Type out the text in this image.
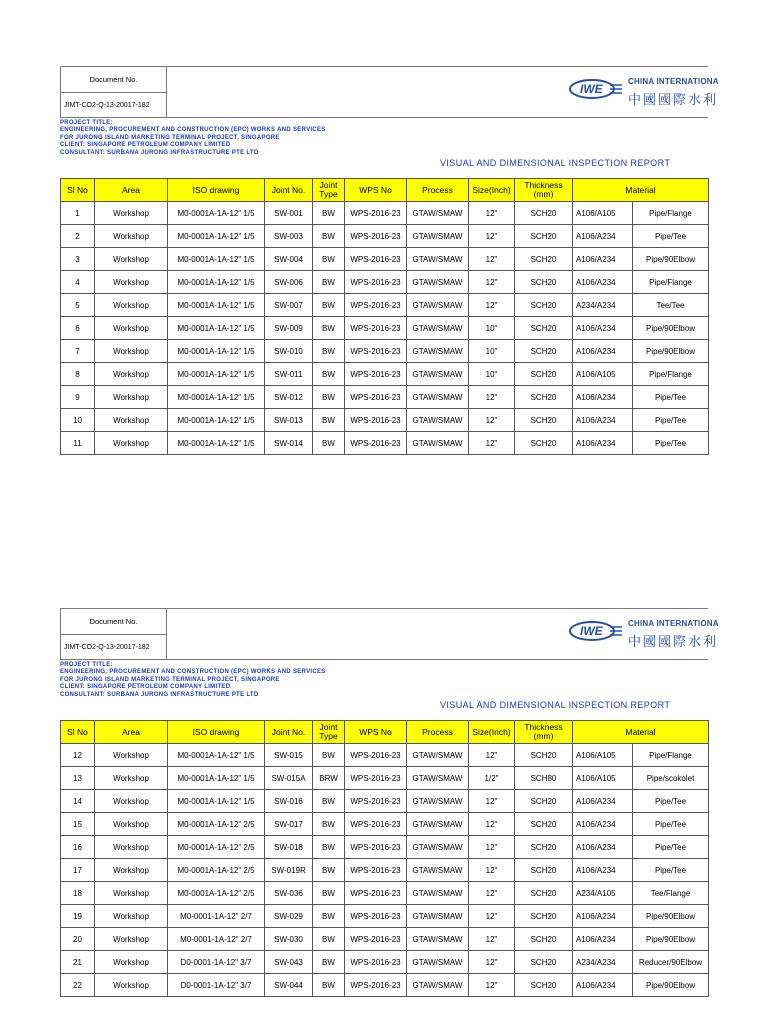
Document No.
JIMT-CO2-Q-13-20017-182
IWE
CHINA INTERNATIONA
中國國際水利
PROJECT TITLE:
ENGINEERING, PROCUREMENT AND CONSTRUCTION (EPC) WORKS AND SERVICES
FOR JURONG ISLAND MARKETING TERMINAL PROJECT, SINGAPORE
CLIENT: SINGAPORE PETROLEUM COMPANY LIMITED
CONSULTANT: SURBANA JURONG INFRASTRUCTURE PTE LTD
VISUAL AND DIMENSIONAL INSPECTION REPORT
Sl No	Area	ISO drawing	Joint No.	Joint Type	WPS No	Process	Size(Inch)	Thickness (mm)	Material	
1	Workshop	M0-0001A-1A-12" 1/5	SW-001	BW	WPS-2016-23	GTAW/SMAW	12"	SCH20	A106/A105	Pipe/Flange
2	Workshop	M0-0001A-1A-12" 1/5	SW-003	BW	WPS-2016-23	GTAW/SMAW	12"	SCH20	A106/A234	Pipe/Tee
3	Workshop	M0-0001A-1A-12" 1/5	SW-004	BW	WPS-2016-23	GTAW/SMAW	12"	SCH20	A106/A234	Pipe/90Elbow
4	Workshop	M0-0001A-1A-12" 1/5	SW-006	BW	WPS-2016-23	GTAW/SMAW	12"	SCH20	A106/A234	Pipe/Flange
5	Workshop	M0-0001A-1A-12" 1/5	SW-007	BW	WPS-2016-23	GTAW/SMAW	12"	SCH20	A234/A234	Tee/Tee
6	Workshop	M0-0001A-1A-12" 1/5	SW-009	BW	WPS-2016-23	GTAW/SMAW	10"	SCH20	A106/A234	Pipe/90Elbow
7	Workshop	M0-0001A-1A-12" 1/5	SW-010	BW	WPS-2016-23	GTAW/SMAW	10"	SCH20	A106/A234	Pipe/90Elbow
8	Workshop	M0-0001A-1A-12" 1/5	SW-011	BW	WPS-2016-23	GTAW/SMAW	10"	SCH20	A106/A105	Pipe/Flange
9	Workshop	M0-0001A-1A-12" 1/5	SW-012	BW	WPS-2016-23	GTAW/SMAW	12"	SCH20	A106/A234	Pipe/Tee
10	Workshop	M0-0001A-1A-12" 1/5	SW-013	BW	WPS-2016-23	GTAW/SMAW	12"	SCH20	A106/A234	Pipe/Tee
11	Workshop	M0-0001A-1A-12" 1/5	SW-014	BW	WPS-2016-23	GTAW/SMAW	12"	SCH20	A106/A234	Pipe/Tee
Document No.
JIMT-CO2-Q-13-20017-182
IWE
CHINA INTERNATIONA
中國國際水利
PROJECT TITLE:
ENGINEERING, PROCUREMENT AND CONSTRUCTION (EPC) WORKS AND SERVICES
FOR JURONG ISLAND MARKETING TERMINAL PROJECT, SINGAPORE
CLIENT: SINGAPORE PETROLEUM COMPANY LIMITED
CONSULTANT: SURBANA JURONG INFRASTRUCTURE PTE LTD
VISUAL AND DIMENSIONAL INSPECTION REPORT
Sl No	Area	ISO drawing	Joint No.	Joint Type	WPS No	Process	Size(Inch)	Thickness (mm)	Material	
12	Workshop	M0-0001A-1A-12" 1/5	SW-015	BW	WPS-2016-23	GTAW/SMAW	12"	SCH20	A106/A105	Pipe/Flange
13	Workshop	M0-0001A-1A-12" 1/5	SW-015A	BRW	WPS-2016-23	GTAW/SMAW	1/2"	SCH80	A106/A105	Pipe/scokolet
14	Workshop	M0-0001A-1A-12" 1/5	SW-016	BW	WPS-2016-23	GTAW/SMAW	12"	SCH20	A106/A234	Pipe/Tee
15	Workshop	M0-0001A-1A-12" 2/5	SW-017	BW	WPS-2016-23	GTAW/SMAW	12"	SCH20	A106/A234	Pipe/Tee
16	Workshop	M0-0001A-1A-12" 2/5	SW-018	BW	WPS-2016-23	GTAW/SMAW	12"	SCH20	A106/A234	Pipe/Tee
17	Workshop	M0-0001A-1A-12" 2/5	SW-019R	BW	WPS-2016-23	GTAW/SMAW	12"	SCH20	A106/A234	Pipe/Tee
18	Workshop	M0-0001A-1A-12" 2/5	SW-036	BW	WPS-2016-23	GTAW/SMAW	12"	SCH20	A234/A105	Tee/Flange
19	Workshop	M0-0001-1A-12" 2/7	SW-029	BW	WPS-2016-23	GTAW/SMAW	12"	SCH20	A106/A234	Pipe/90Elbow
20	Workshop	M0-0001-1A-12" 2/7	SW-030	BW	WPS-2016-23	GTAW/SMAW	12"	SCH20	A106/A234	Pipe/90Elbow
21	Workshop	D0-0001-1A-12" 3/7	SW-043	BW	WPS-2016-23	GTAW/SMAW	12"	SCH20	A234/A234	Reducer/90Elbow
22	Workshop	D0-0001-1A-12" 3/7	SW-044	BW	WPS-2016-23	GTAW/SMAW	12"	SCH20	A106/A234	Pipe/90Elbow
